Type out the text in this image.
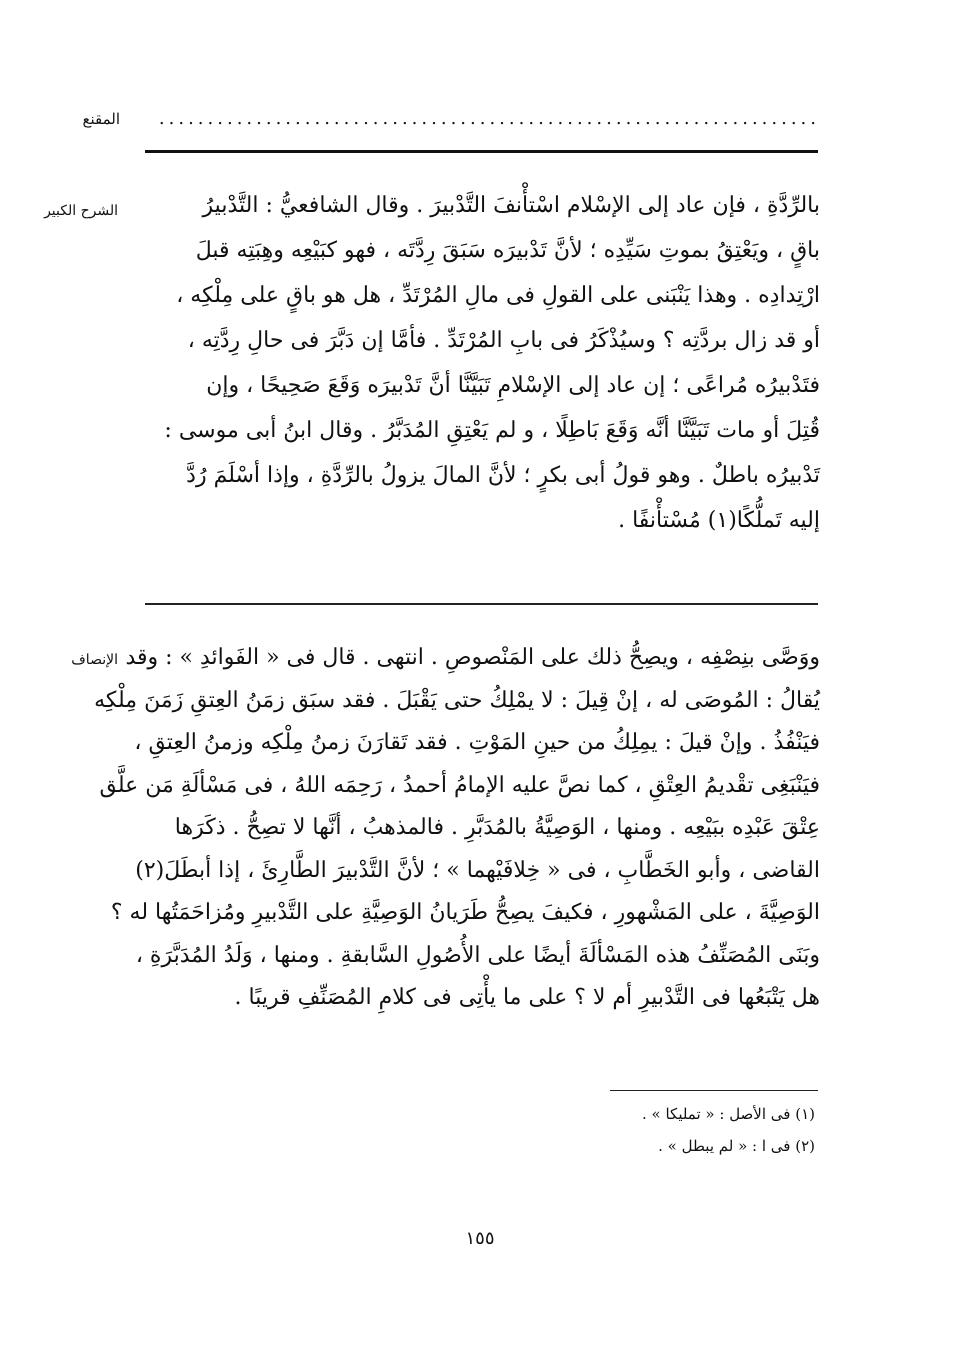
المقنع	....................................................................
الشرح الكبير	بالرِّدَّةِ ، فإن عاد إلى الإسْلام اسْتأْنفَ التَّدْبيرَ . وقال الشافعيُّ : التَّدْبيرُ
باقٍ ، ويَعْتِقُ بموتِ سَيِّدِه ؛ لأنَّ تَدْبيرَه سَبَقَ رِدَّتَه ، فهو كبَيْعِه وهِبَتِه قبلَ
ارْتِدادِه . وهذا يَنْبَنى على القولِ فى مالِ المُرْتَدِّ ، هل هو باقٍ على مِلْكِه ،
أو قد زال بردَّتِه ؟ وسيُذْكَرُ فى بابِ المُرْتَدِّ . فأمَّا إن دَبَّرَ فى حالِ رِدَّتِه ،
فتَدْبيرُه مُراعًى ؛ إن عاد إلى الإسْلامِ تَبَيَّنَّا أنَّ تَدْبيرَه وَقَعَ صَحِيحًا ، وإن
قُتِلَ أو مات تَبَيَّنَّا أنَّه وَقَعَ بَاطِلًا ، و لم يَعْتِقِ المُدَبَّرُ . وقال ابنُ أبى موسى :
تَدْبيرُه باطلٌ . وهو قولُ أبى بكرٍ ؛ لأنَّ المالَ يزولُ بالرِّدَّةِ ، وإذا أسْلَمَ رُدَّ
إليه تَملُّكًا(١) مُسْتأْنفًا .
الإنصاف ووَصَّى بنِصْفِه ، ويصِحُّ ذلك على المَنْصوصِ . انتهى . قال فى « الفَوائدِ » : وقد
يُقالُ : المُوصَى له ، إنْ قِيلَ : لا يمْلِكُ حتى يَقْبَلَ . فقد سبَق زمَنُ العِتقِ زَمَنَ مِلْكِه
فيَنْفُذُ . وإنْ قيلَ : يمِلِكُ من حينِ المَوْتِ . فقد تَقارَنَ زمنُ مِلْكِه وزمنُ العِتقِ ،
فيَنْبَغِى تقْديمُ العِتْقِ ، كما نصَّ عليه الإمامُ أحمدُ ، رَحِمَه اللهُ ، فى مَسْألَةِ مَن علَّق
عِتْقَ عَبْدِه ببَيْعِه . ومنها ، الوَصِيَّةُ بالمُدَبَّرِ . فالمذهبُ ، أنَّها لا تصِحُّ . ذكَرَها
القاضى ، وأبو الخَطَّابِ ، فى « خِلافَيْهما » ؛ لأنَّ التَّدْبيرَ الطَّارِئَ ، إذا أبطَلَ(٢)
الوَصِيَّةَ ، على المَشْهورِ ، فكيفَ يصِحُّ طَرَيانُ الوَصِيَّةِ على التَّدْبيرِ ومُزاحَمَتُها له ؟
وبَنَى المُصَنِّفُ هذه المَسْألَةَ أيضًا على الأُصُولِ السَّابقةِ . ومنها ، وَلَدُ المُدَبَّرَةِ ،
هل يَتْبَعُها فى التَّدْبيرِ أم لا ؟ على ما يأْتِى فى كلامِ المُصَنِّفِ قريبًا .
(١) فى الأصل : « تمليكا » .
(٢) فى ا : « لم يبطل » .
١٥٥
